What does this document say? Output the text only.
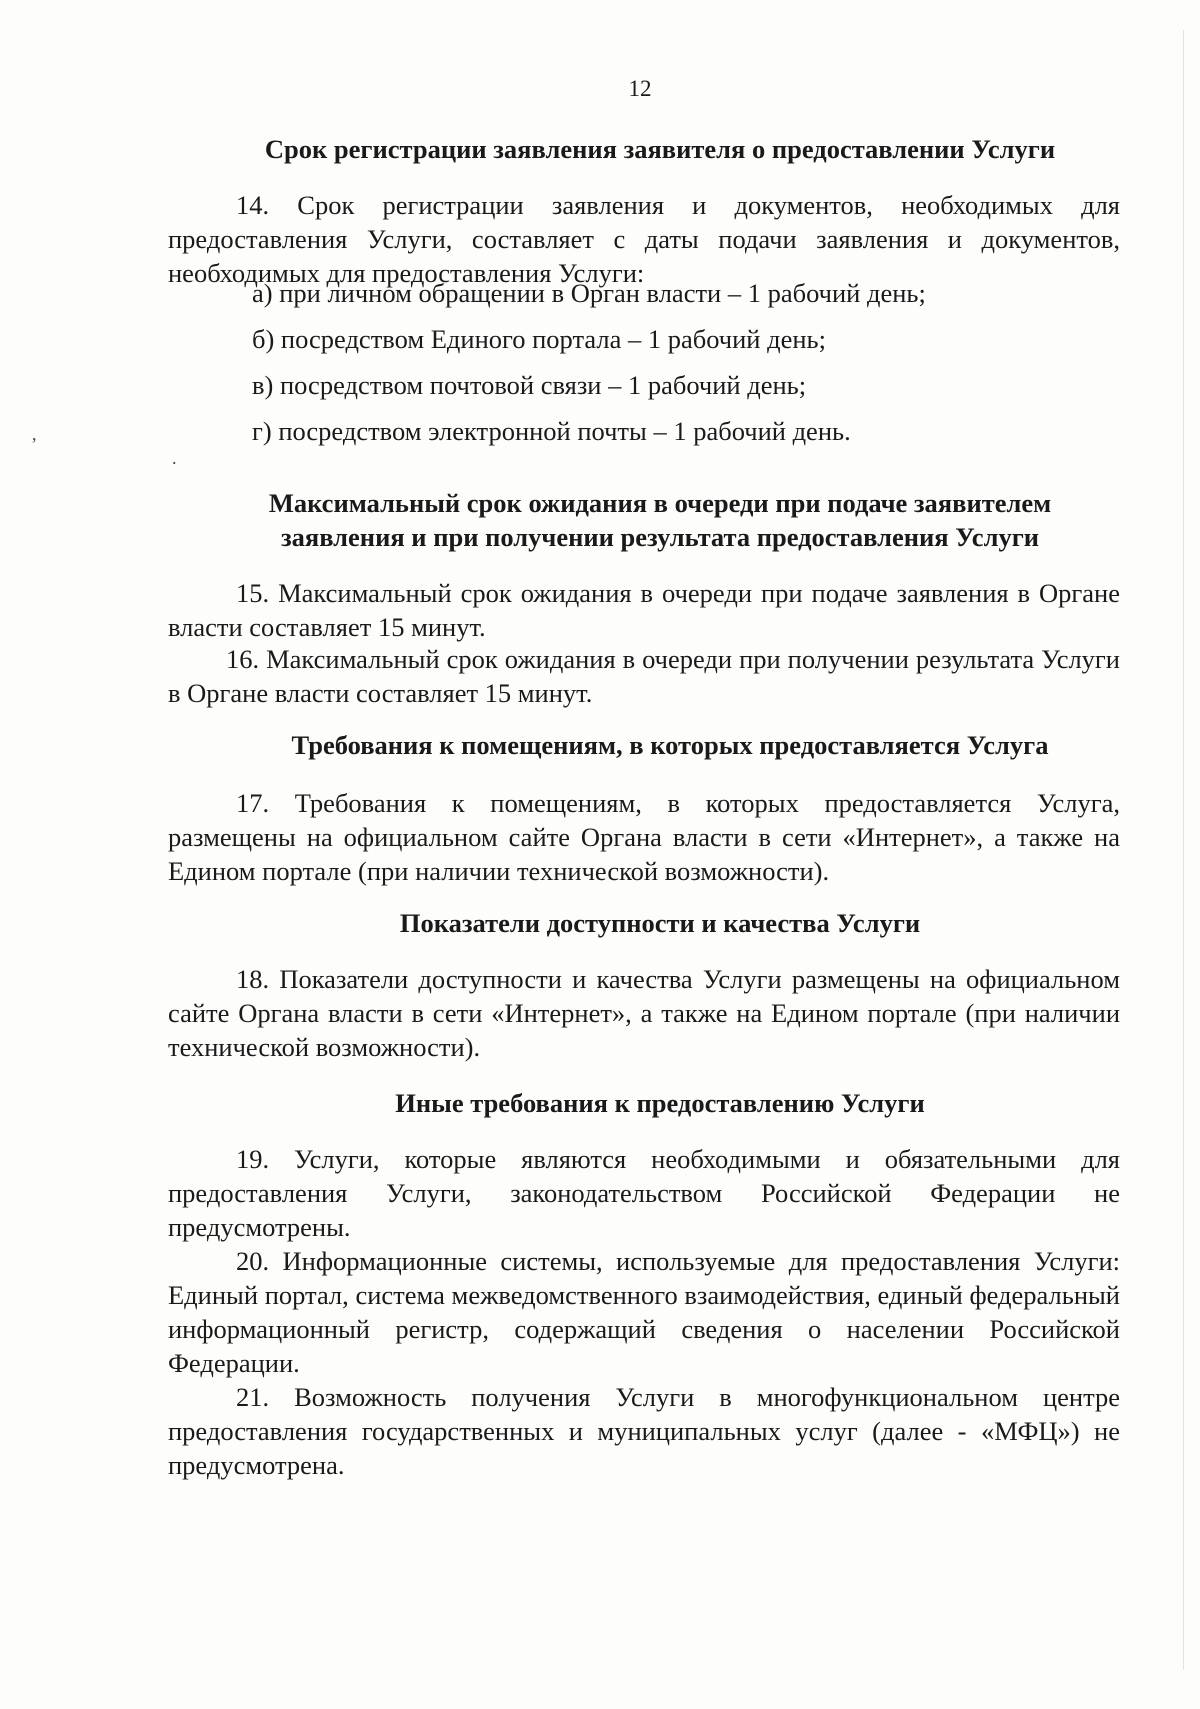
,
.
12
Срок регистрации заявления заявителя о предоставлении Услуги
14. Срок регистрации заявления и документов, необходимых для предоставления Услуги, составляет с даты подачи заявления и документов, необходимых для предоставления Услуги:
а) при личном обращении в Орган власти – 1 рабочий день;
б) посредством Единого портала – 1 рабочий день;
в) посредством почтовой связи – 1 рабочий день;
г) посредством электронной почты – 1 рабочий день.
Максимальный срок ожидания в очереди при подаче заявителем
заявления и при получении результата предоставления Услуги
15. Максимальный срок ожидания в очереди при подаче заявления в Органе власти составляет 15 минут.
16. Максимальный срок ожидания в очереди при получении результата Услуги в Органе власти составляет 15 минут.
Требования к помещениям, в которых предоставляется Услуга
17. Требования к помещениям, в которых предоставляется Услуга, размещены на официальном сайте Органа власти в сети «Интернет», а также на Едином портале (при наличии технической возможности).
Показатели доступности и качества Услуги
18. Показатели доступности и качества Услуги размещены на официальном сайте Органа власти в сети «Интернет», а также на Едином портале (при наличии технической возможности).
Иные требования к предоставлению Услуги
19. Услуги, которые являются необходимыми и обязательными для предоставления Услуги, законодательством Российской Федерации не предусмотрены.
20. Информационные системы, используемые для предоставления Услуги: Единый портал, система межведомственного взаимодействия, единый федеральный информационный регистр, содержащий сведения о населении Российской Федерации.
21. Возможность получения Услуги в многофункциональном центре предоставления государственных и муниципальных услуг (далее - «МФЦ») не предусмотрена.
